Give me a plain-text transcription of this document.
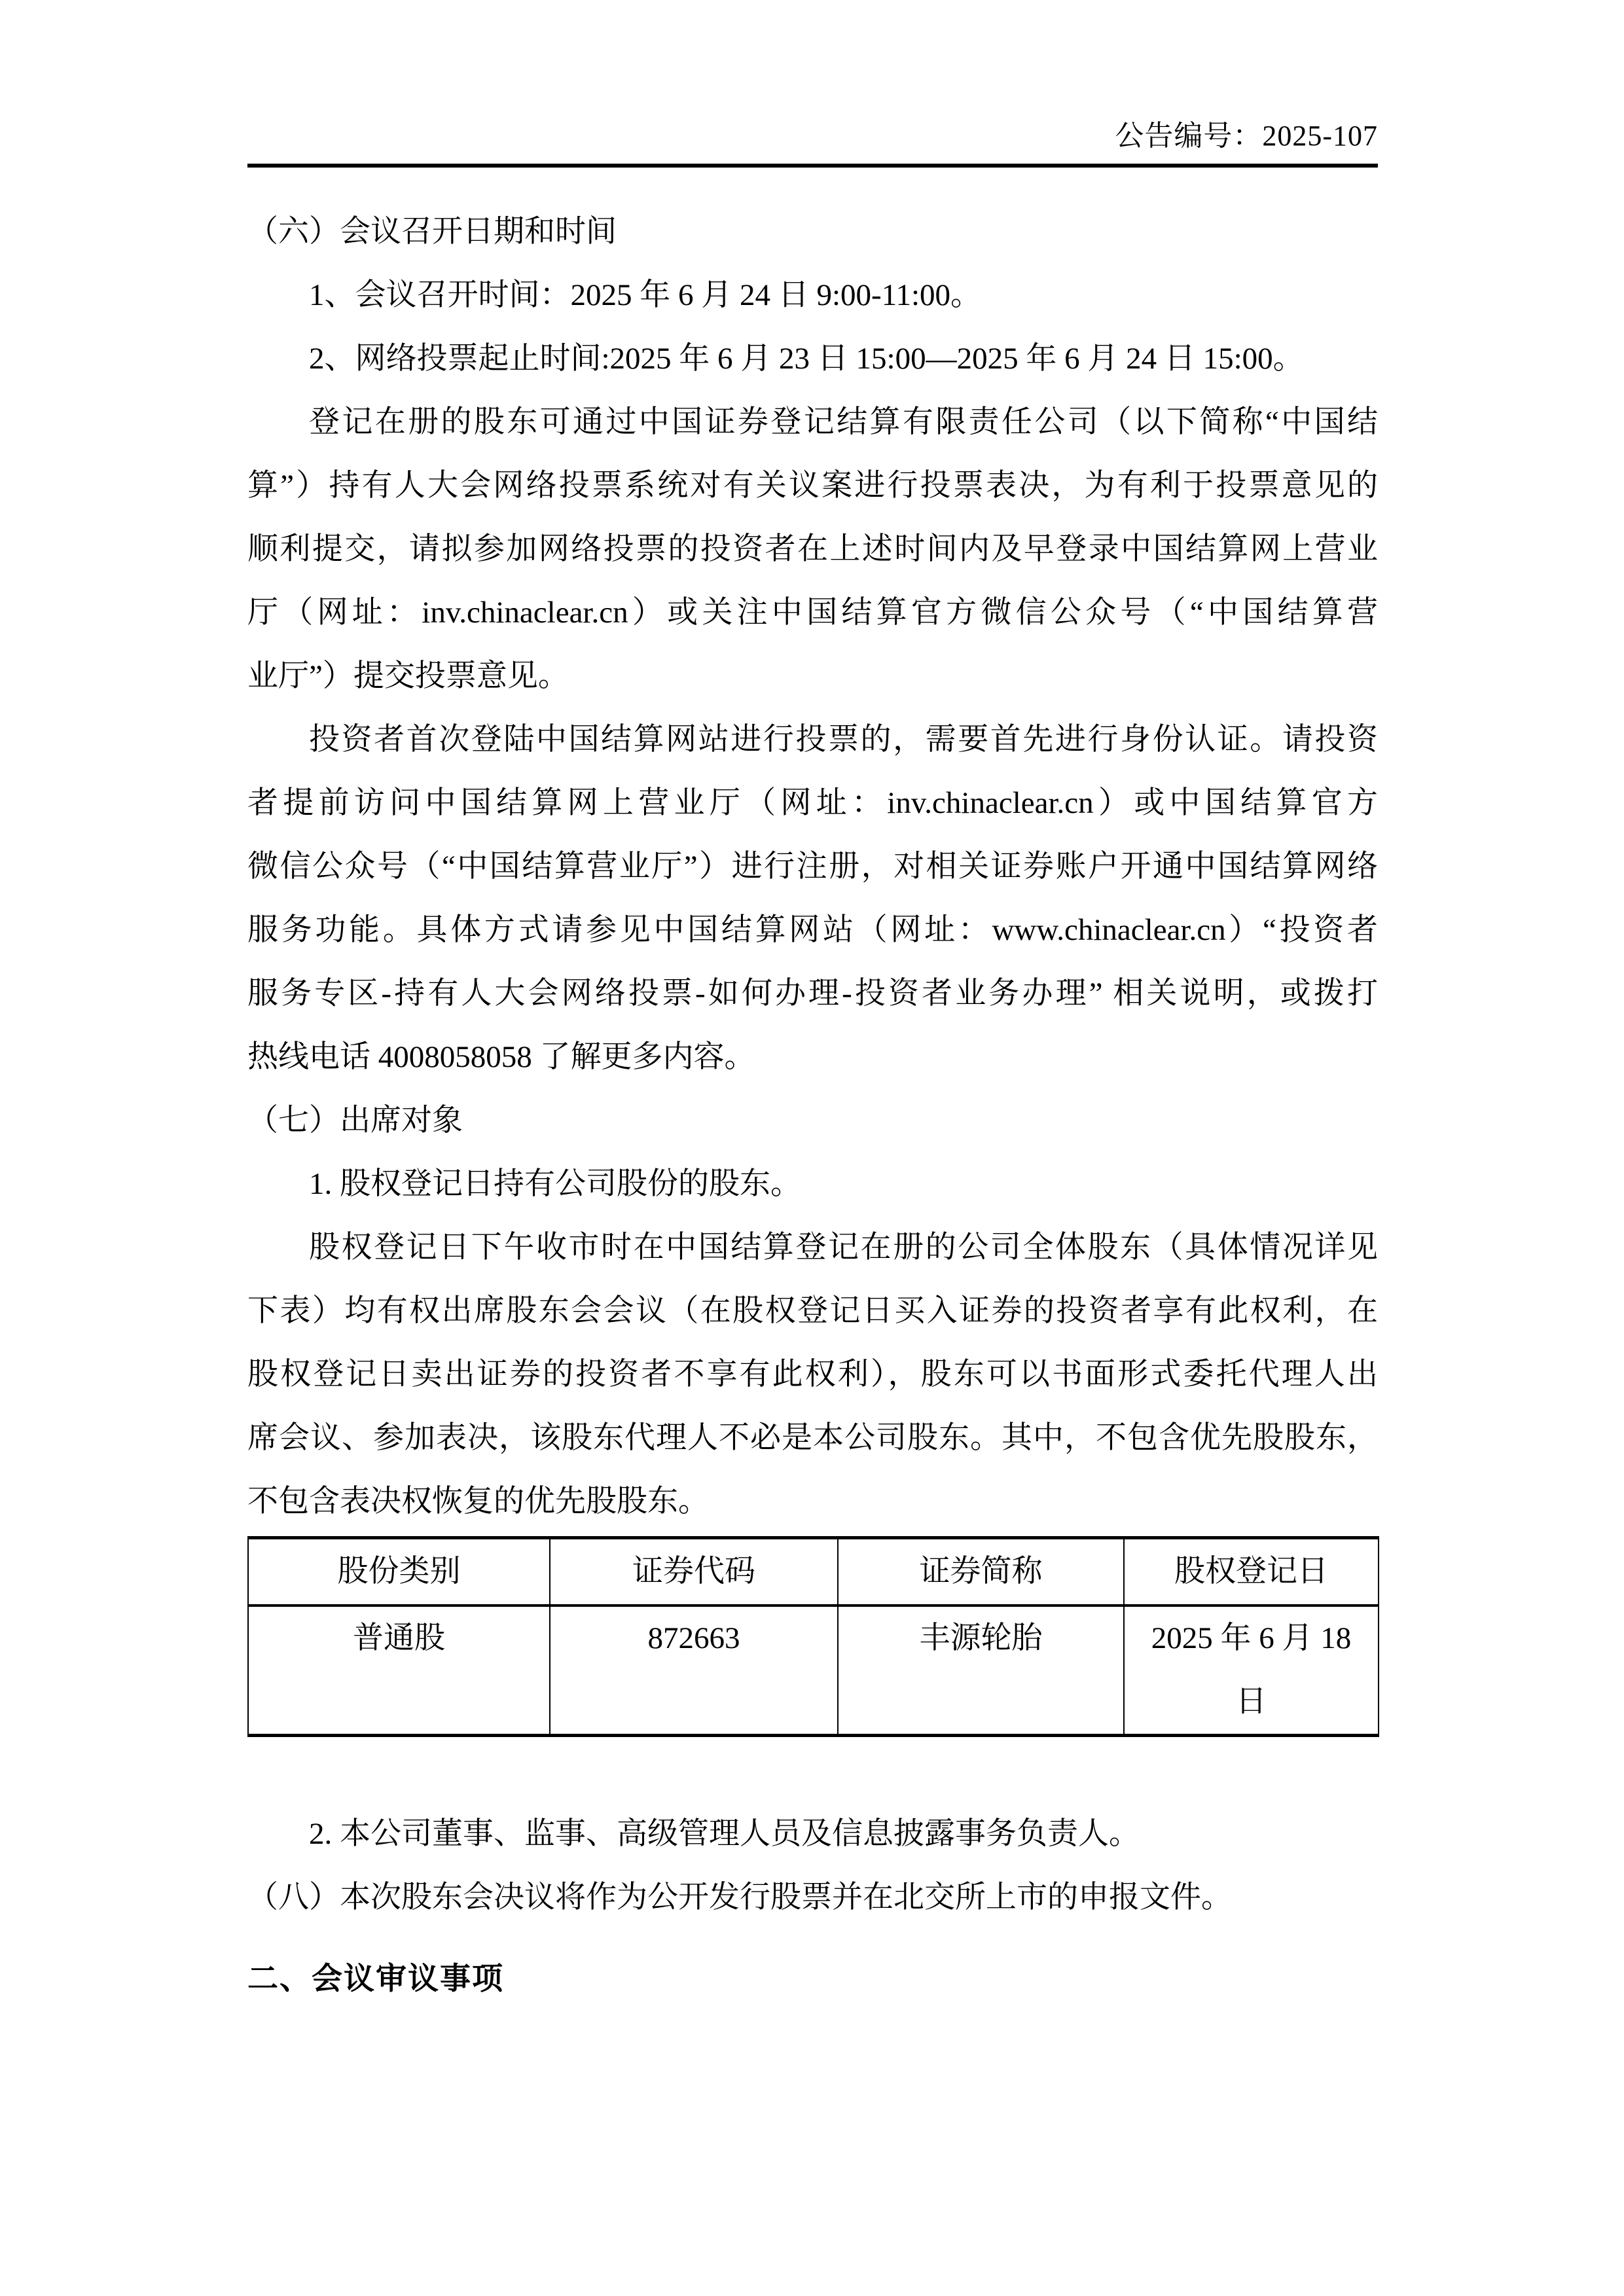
公告编号：2025-107
（六）会议召开日期和时间
1、会议召开时间：2025 年 6 月 24 日 9:00-11:00。
2、网络投票起止时间:2025 年 6 月 23 日 15:00—2025 年 6 月 24 日 15:00。
登记在册的股东可通过中国证券登记结算有限责任公司（以下简称“中国结
算”）持有人大会网络投票系统对有关议案进行投票表决，为有利于投票意见的
顺利提交，请拟参加网络投票的投资者在上述时间内及早登录中国结算网上营业
厅（网址：inv.chinaclear.cn）或关注中国结算官方微信公众号（“中国结算营
业厅”）提交投票意见。
投资者首次登陆中国结算网站进行投票的，需要首先进行身份认证。请投资
者提前访问中国结算网上营业厅（网址：inv.chinaclear.cn）或中国结算官方
微信公众号（“中国结算营业厅”）进行注册，对相关证券账户开通中国结算网络
服务功能。具体方式请参见中国结算网站（网址：www.chinaclear.cn）“投资者
服务专区-持有人大会网络投票-如何办理-投资者业务办理” 相关说明，或拨打
热线电话 4008058058 了解更多内容。
（七）出席对象
1. 股权登记日持有公司股份的股东。
股权登记日下午收市时在中国结算登记在册的公司全体股东（具体情况详见
下表）均有权出席股东会会议（在股权登记日买入证券的投资者享有此权利，在
股权登记日卖出证券的投资者不享有此权利），股东可以书面形式委托代理人出
席会议、参加表决，该股东代理人不必是本公司股东。其中，不包含优先股股东，
不包含表决权恢复的优先股股东。
股份类别	证券代码	证券简称	股权登记日
普通股	872663	丰源轮胎	2025 年 6 月 18 日
2. 本公司董事、监事、高级管理人员及信息披露事务负责人。
（八）本次股东会决议将作为公开发行股票并在北交所上市的申报文件。
二、会议审议事项
